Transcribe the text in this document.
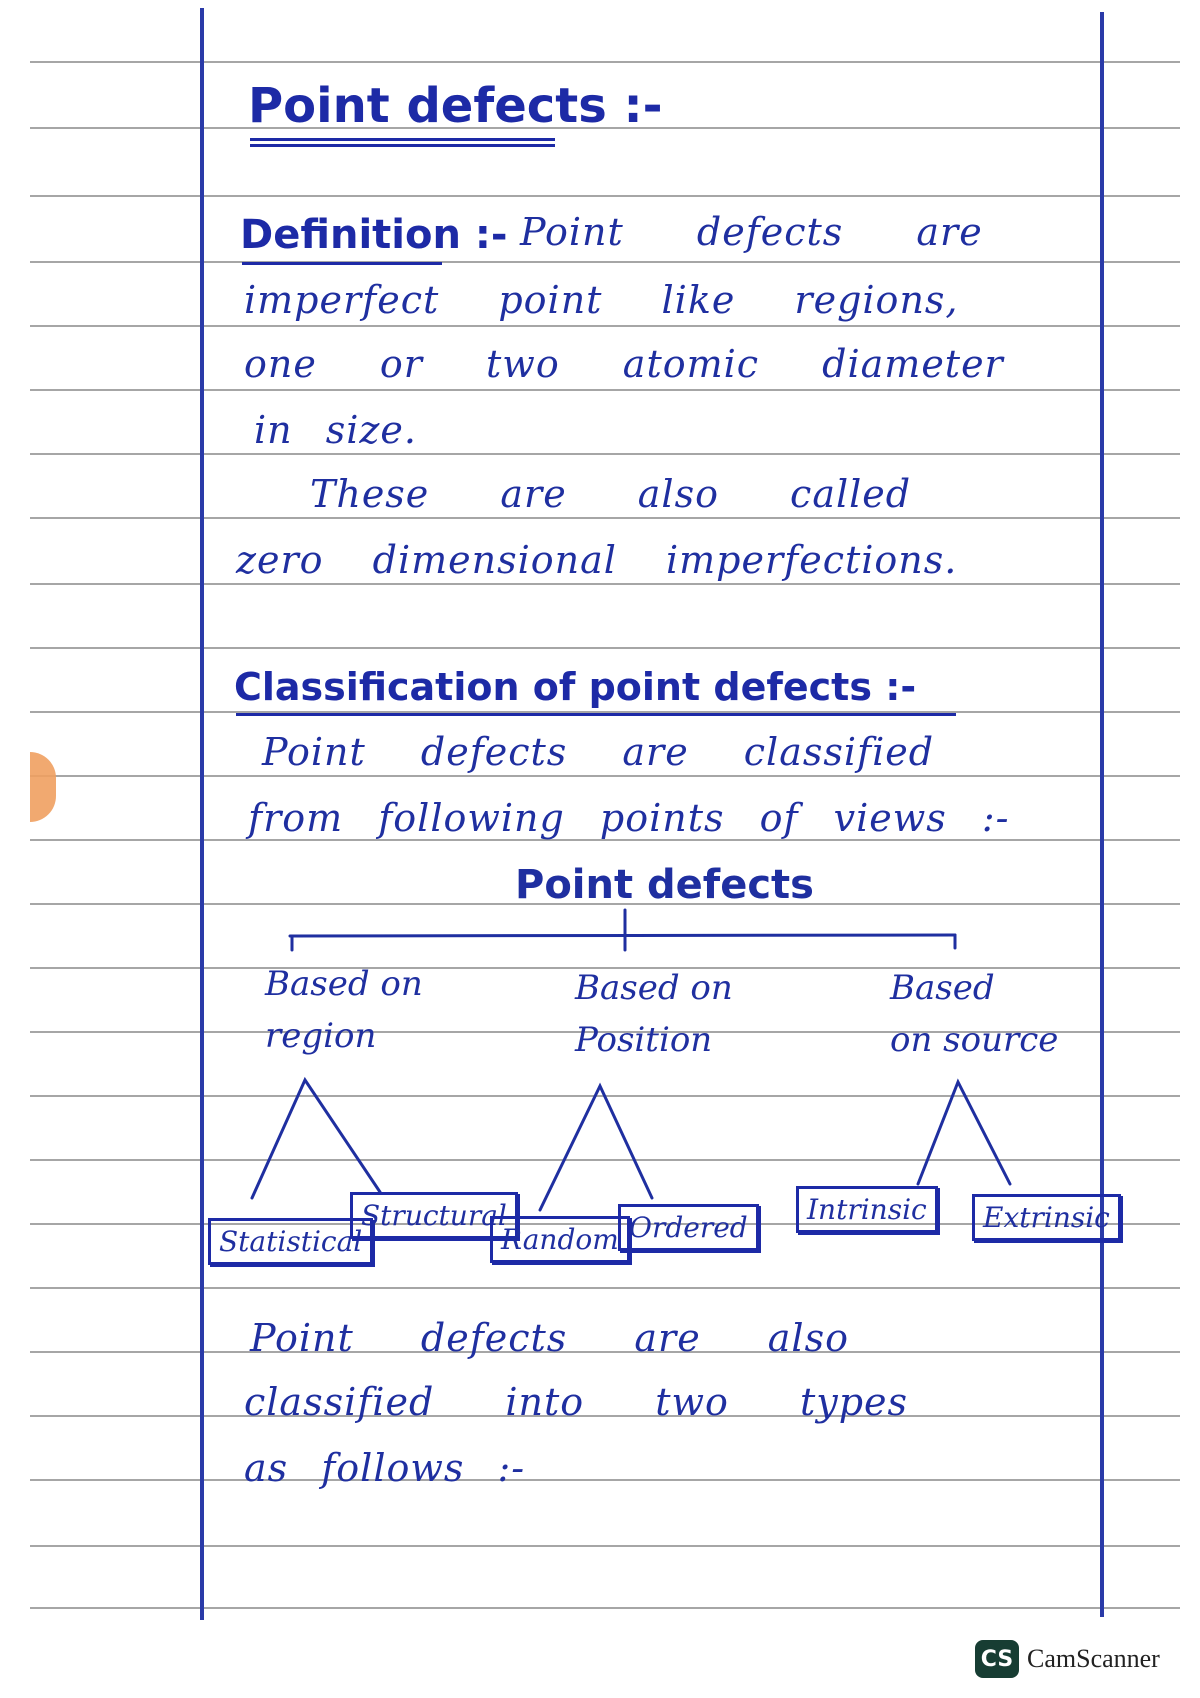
Point defects :-
Definition :- Point defects are
imperfect point like regions,
one or two atomic diameter
in size.
These are also called
zero dimensional imperfections.
Classification of point defects :-
Point defects are classified
from following points of views :-
Point defects
Based on
region
Based on
Position
Based
on source
Statistical
Structural
Random Ordered
Intrinsic	Extrinsic
Point defects are also
classified into two types
as follows :-
CS CamScanner
